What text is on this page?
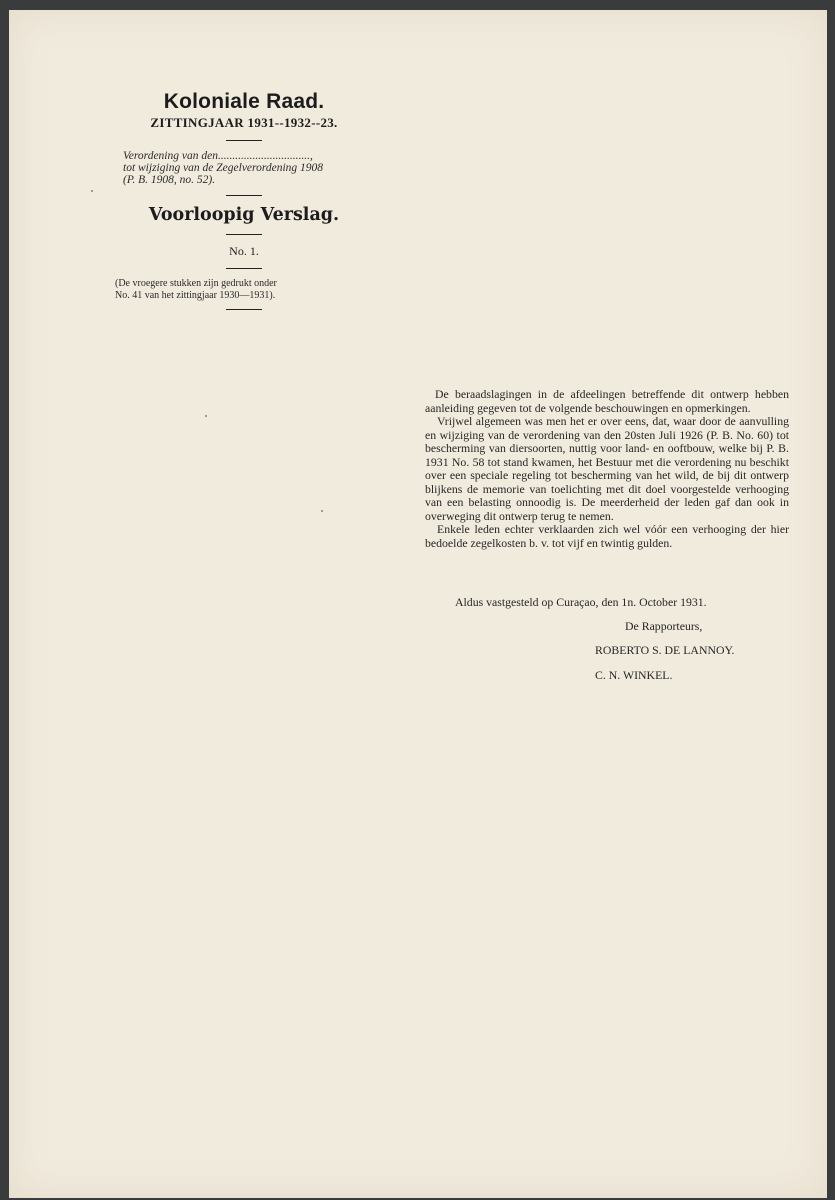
Koloniale Raad.
ZITTINGJAAR 1931--1932--23.
Verordening van den................................,
tot wijziging van de Zegelverordening 1908
(P. B. 1908, no. 52).
Voorloopig Verslag.
No. 1.
(De vroegere stukken zijn gedrukt onder
No. 41 van het zittingjaar 1930—1931).

De beraadslagingen in de afdeelingen betreffende dit ontwerp hebben aanleiding gegeven tot de volgende beschouwingen en opmerkingen.

Vrijwel algemeen was men het er over eens, dat, waar door de aanvulling en wijziging van de verordening van den 20sten Juli 1926 (P. B. No. 60) tot bescherming van diersoorten, nuttig voor land- en ooftbouw, welke bij P. B. 1931 No. 58 tot stand kwamen, het Bestuur met die verordening nu beschikt over een speciale regeling tot bescherming van het wild, de bij dit ontwerp blijkens de memorie van toelichting met dit doel voorgestelde verhooging van een belasting onnoodig is. De meerderheid der leden gaf dan ook in overweging dit ontwerp terug te nemen.

Enkele leden echter verklaarden zich wel vóór een verhooging der hier bedoelde zegelkosten b. v. tot vijf en twintig gulden.

Aldus vastgesteld op Curaçao, den 1n. October 1931.
De Rapporteurs,
ROBERTO S. DE LANNOY.
C. N. WINKEL.
